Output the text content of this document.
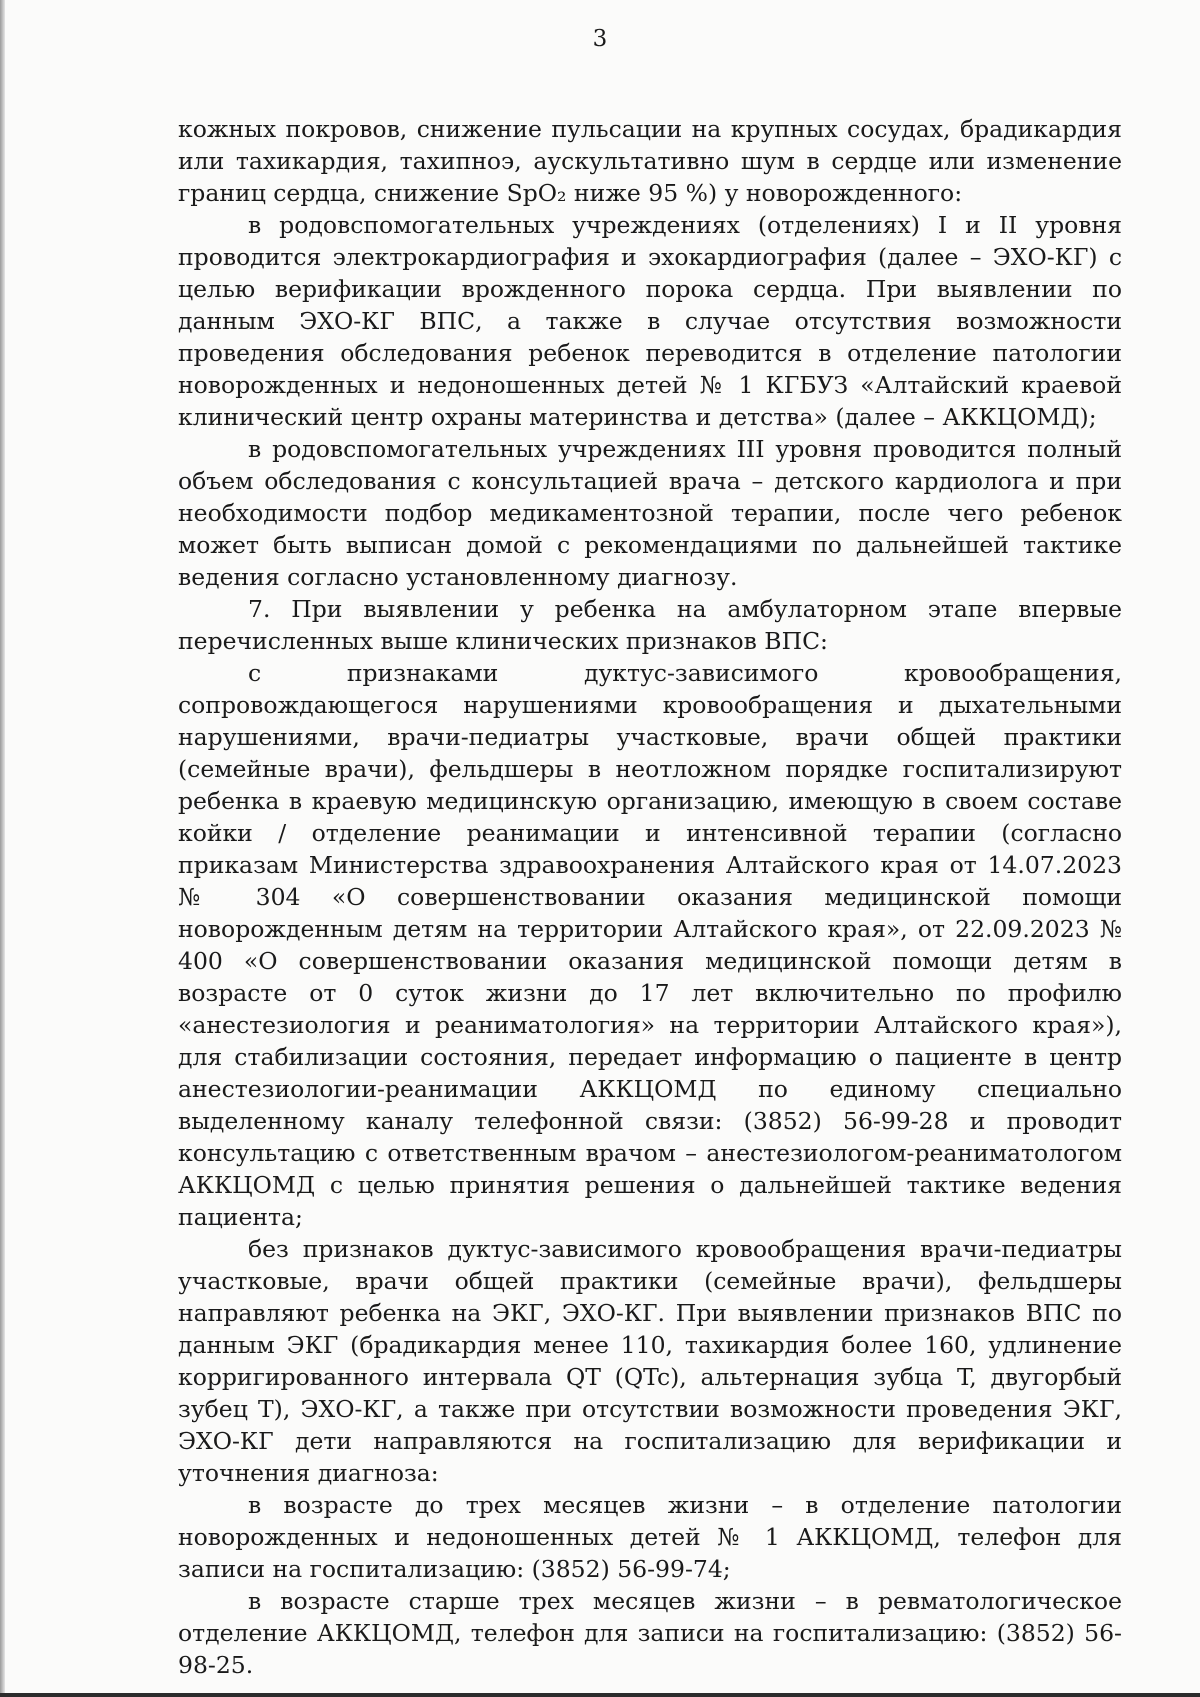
3

кожных покровов, снижение пульсации на крупных сосудах, брадикардия или тахикардия, тахипноэ, аускультативно шум в сердце или изменение границ сердца, снижение SpO₂ ниже 95 %) у новорожденного:

в родовспомогательных учреждениях (отделениях) I и II уровня проводится электрокардиография и эхокардиография (далее – ЭХО-КГ) с целью верификации врожденного порока сердца. При выявлении по данным ЭХО-КГ ВПС, а также в случае отсутствия возможности проведения обследования ребенок переводится в отделение патологии новорожденных и недоношенных детей № 1 КГБУЗ «Алтайский краевой клинический центр охраны материнства и детства» (далее – АККЦОМД);

в родовспомогательных учреждениях III уровня проводится полный объем обследования с консультацией врача – детского кардиолога и при необходимости подбор медикаментозной терапии, после чего ребенок может быть выписан домой с рекомендациями по дальнейшей тактике ведения согласно установленному диагнозу.

7. При выявлении у ребенка на амбулаторном этапе впервые перечисленных выше клинических признаков ВПС:

с признаками дуктус-зависимого кровообращения, сопровождающегося нарушениями кровообращения и дыхательными нарушениями, врачи-педиатры участковые, врачи общей практики (семейные врачи), фельдшеры в неотложном порядке госпитализируют ребенка в краевую медицинскую организацию, имеющую в своем составе койки / отделение реанимации и интенсивной терапии (согласно приказам Министерства здравоохранения Алтайского края от 14.07.2023 № 304 «О совершенствовании оказания медицинской помощи новорожденным детям на территории Алтайского края», от 22.09.2023 № 400 «О совершенствовании оказания медицинской помощи детям в возрасте от 0 суток жизни до 17 лет включительно по профилю «анестезиология и реаниматология» на территории Алтайского края»), для стабилизации состояния, передает информацию о пациенте в центр анестезиологии-реанимации АККЦОМД по единому специально выделенному каналу телефонной связи: (3852) 56-99-28 и проводит консультацию с ответственным врачом – анестезиологом-реаниматологом АККЦОМД с целью принятия решения о дальнейшей тактике ведения пациента;

без признаков дуктус-зависимого кровообращения врачи-педиатры участковые, врачи общей практики (семейные врачи), фельдшеры направляют ребенка на ЭКГ, ЭХО-КГ. При выявлении признаков ВПС по данным ЭКГ (брадикардия менее 110, тахикардия более 160, удлинение корригированного интервала QT (QTc), альтернация зубца T, двугорбый зубец T), ЭХО-КГ, а также при отсутствии возможности проведения ЭКГ, ЭХО-КГ дети направляются на госпитализацию для верификации и уточнения диагноза:

в возрасте до трех месяцев жизни – в отделение патологии новорожденных и недоношенных детей № 1 АККЦОМД, телефон для записи на госпитализацию: (3852) 56-99-74;

в возрасте старше трех месяцев жизни – в ревматологическое отделение АККЦОМД, телефон для записи на госпитализацию: (3852) 56-98-25.
